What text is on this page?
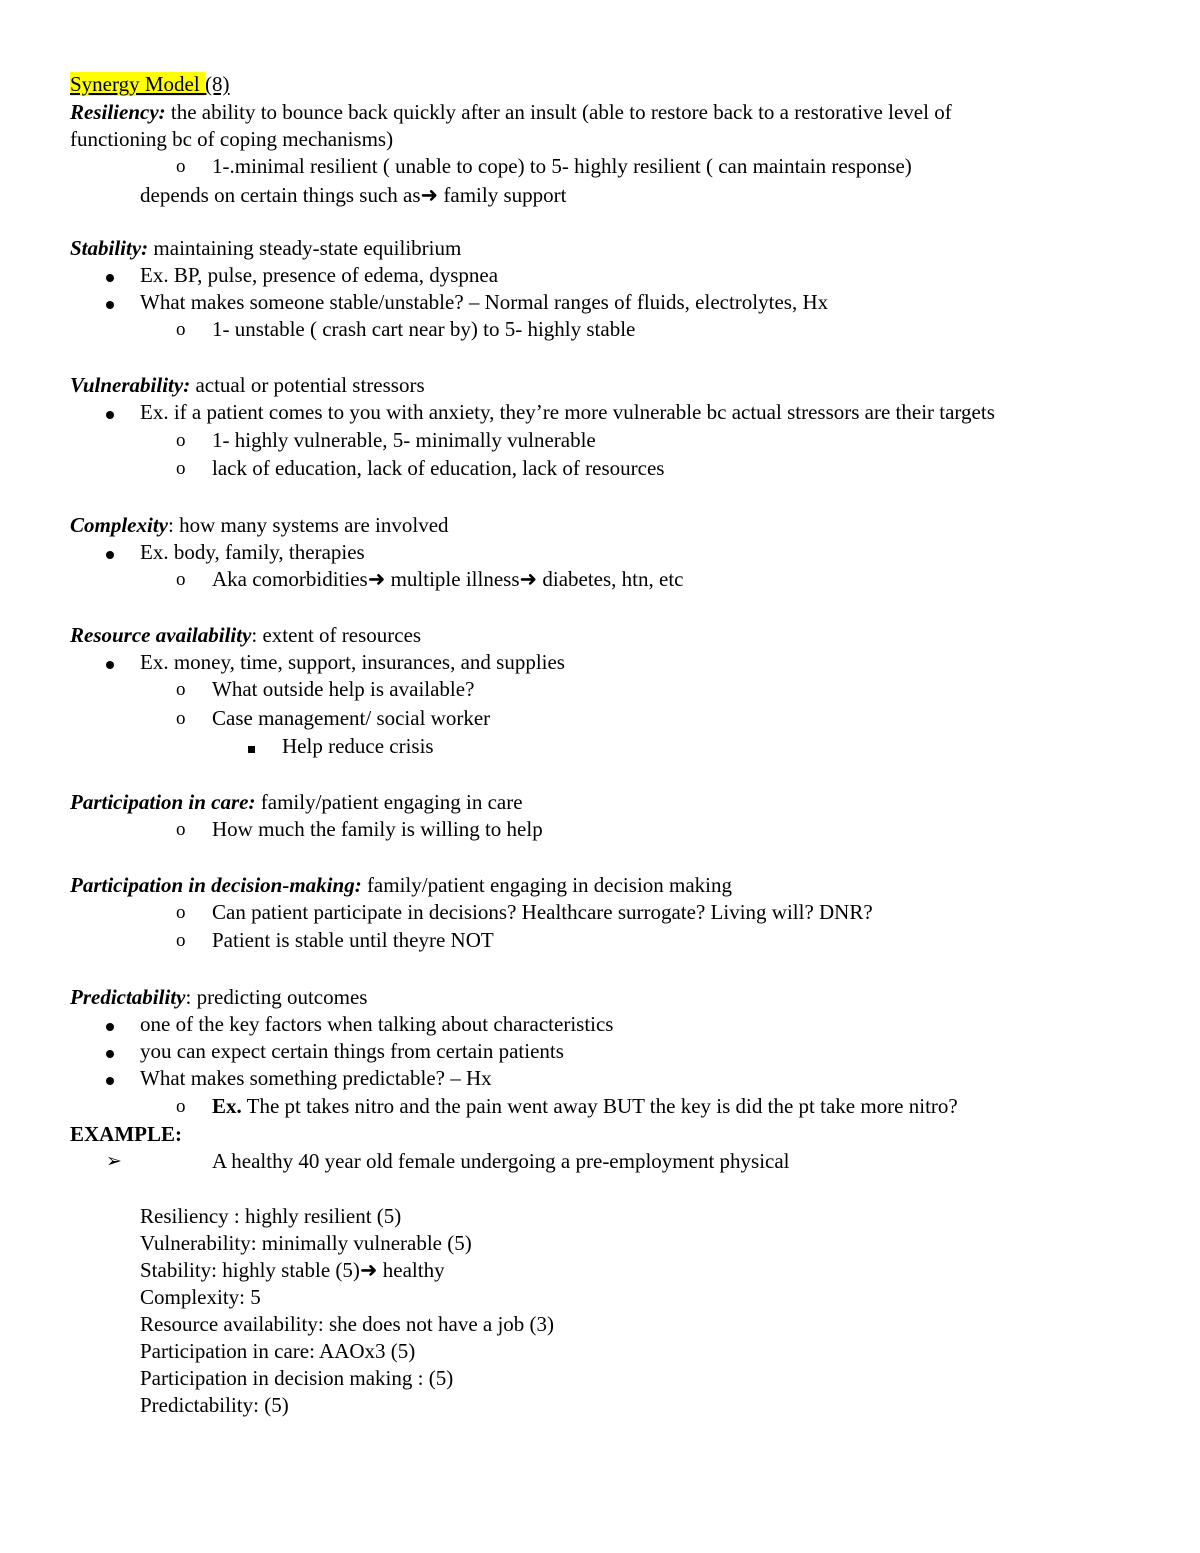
Synergy Model (8)
Resiliency: the ability to bounce back quickly after an insult (able to restore back to a restorative level of
functioning bc of coping mechanisms)
o 1-.minimal resilient ( unable to cope) to 5- highly resilient ( can maintain response)
depends on certain things such as➜ family support
Stability: maintaining steady-state equilibrium
Ex. BP, pulse, presence of edema, dyspnea
What makes someone stable/unstable? – Normal ranges of fluids, electrolytes, Hx
o 1- unstable ( crash cart near by) to 5- highly stable
Vulnerability: actual or potential stressors
Ex. if a patient comes to you with anxiety, they’re more vulnerable bc actual stressors are their targets
o 1- highly vulnerable, 5- minimally vulnerable
o lack of education, lack of education, lack of resources
Complexity: how many systems are involved
Ex. body, family, therapies
o Aka comorbidities➜ multiple illness➜ diabetes, htn, etc
Resource availability: extent of resources
Ex. money, time, support, insurances, and supplies
o What outside help is available?
o Case management/ social worker
Help reduce crisis
Participation in care: family/patient engaging in care
o How much the family is willing to help
Participation in decision-making: family/patient engaging in decision making
o Can patient participate in decisions? Healthcare surrogate? Living will? DNR?
o Patient is stable until theyre NOT
Predictability: predicting outcomes
one of the key factors when talking about characteristics
you can expect certain things from certain patients
What makes something predictable? – Hx
o Ex. The pt takes nitro and the pain went away BUT the key is did the pt take more nitro?
EXAMPLE:
➢	A healthy 40 year old female undergoing a pre-employment physical
Resiliency : highly resilient (5)
Vulnerability: minimally vulnerable (5)
Stability: highly stable (5)➜ healthy
Complexity: 5
Resource availability: she does not have a job (3)
Participation in care: AAOx3 (5)
Participation in decision making : (5)
Predictability: (5)
